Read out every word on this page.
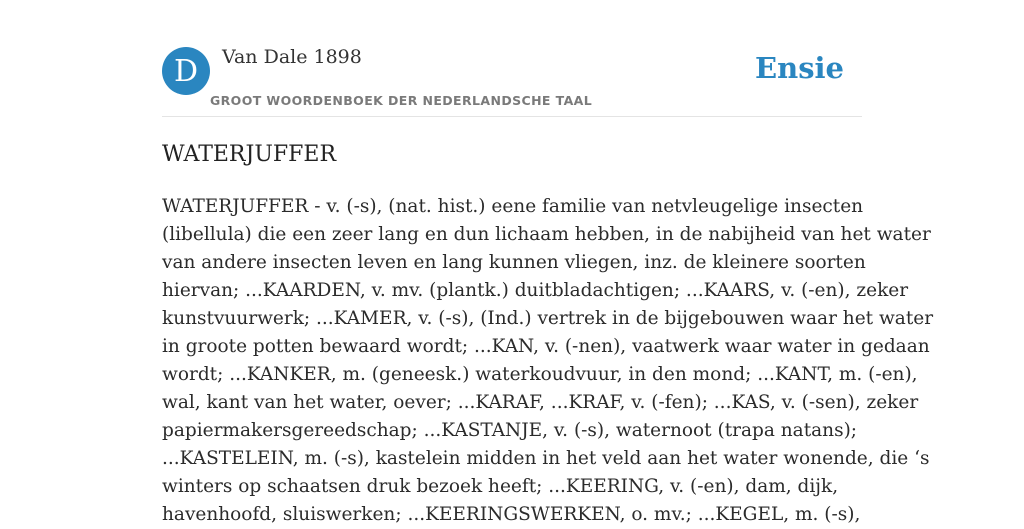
D	Van Dale 1898
GROOT WOORDENBOEK DER NEDERLANDSCHE TAAL
Ensie
WATERJUFFER
WATERJUFFER - v. (-s), (nat. hist.) eene familie van netvleugelige insecten
(libellula) die een zeer lang en dun lichaam hebben, in de nabijheid van het water
van andere insecten leven en lang kunnen vliegen, inz. de kleinere soorten
hiervan; ...KAARDEN, v. mv. (plantk.) duitbladachtigen; ...KAARS, v. (-en), zeker
kunstvuurwerk; ...KAMER, v. (-s), (Ind.) vertrek in de bijgebouwen waar het water
in groote potten bewaard wordt; ...KAN, v. (-nen), vaatwerk waar water in gedaan
wordt; ...KANKER, m. (geneesk.) waterkoudvuur, in den mond; ...KANT, m. (-en),
wal, kant van het water, oever; ...KARAF, ...KRAF, v. (-fen); ...KAS, v. (-sen), zeker
papiermakersgereedschap; ...KASTANJE, v. (-s), waternoot (trapa natans);
...KASTELEIN, m. (-s), kastelein midden in het veld aan het water wonende, die ‘s
winters op schaatsen druk bezoek heeft; ...KEERING, v. (-en), dam, dijk,
havenhoofd, sluiswerken; ...KEERINGSWERKEN, o. mv.; ...KEGEL, m. (-s),
